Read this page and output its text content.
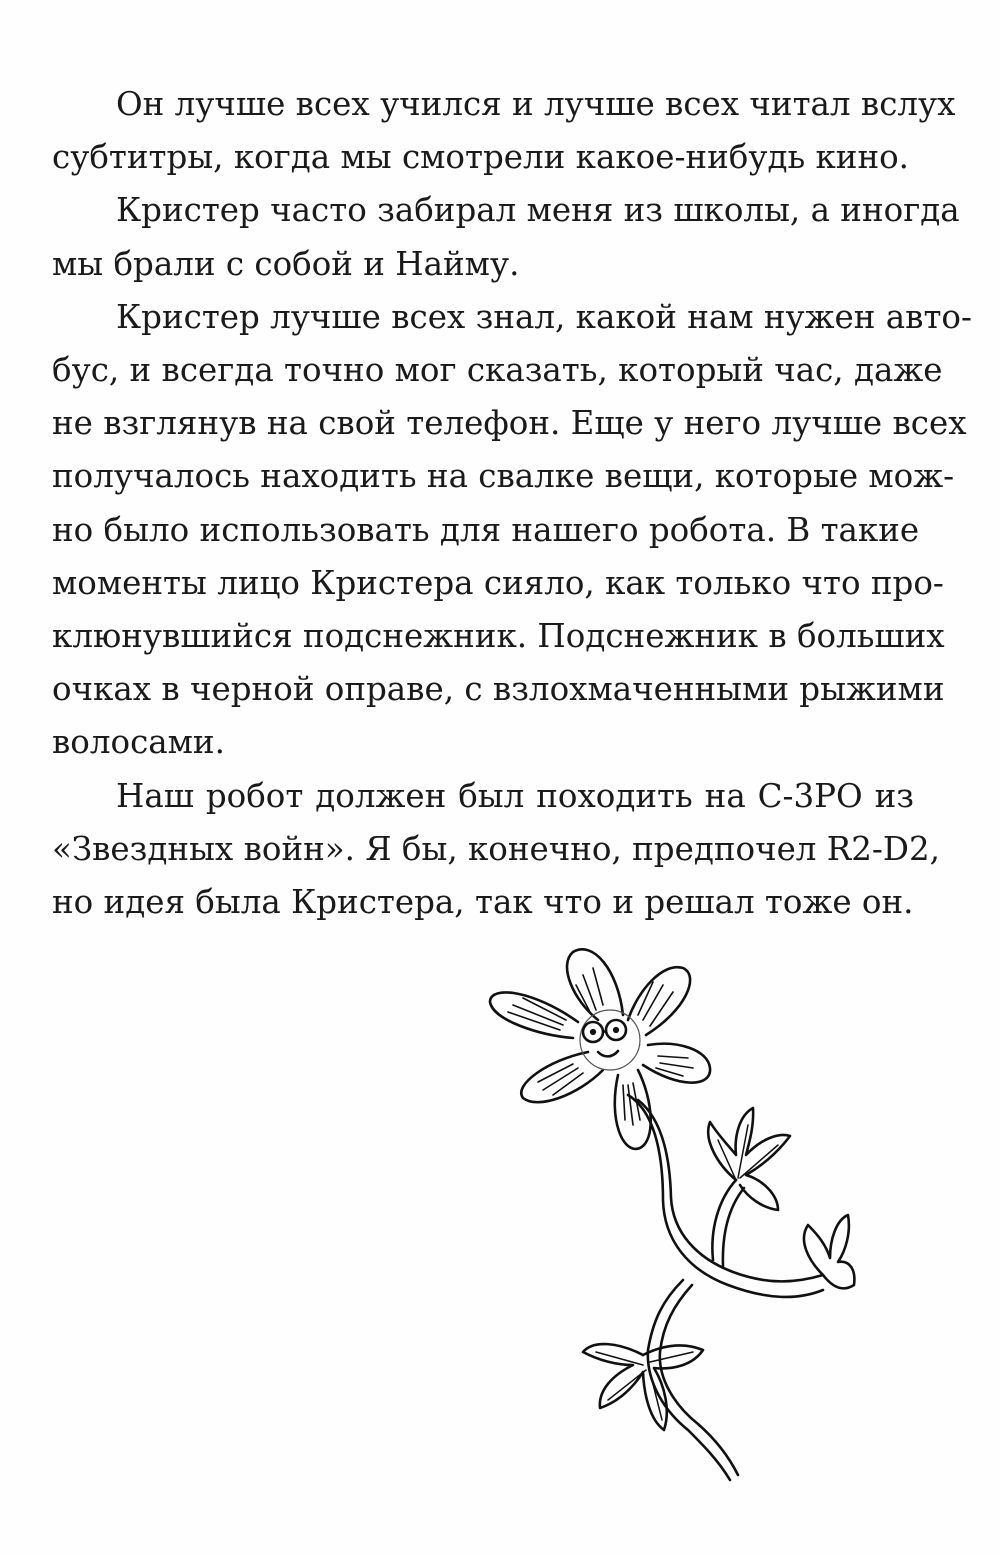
Он лучше всех учился и лучше всех читал вслух
субтитры, когда мы смотрели какое-нибудь кино.
Кристер часто забирал меня из школы, а иногда
мы брали с собой и Найму.
Кристер лучше всех знал, какой нам нужен авто-
бус, и всегда точно мог сказать, который час, даже
не взглянув на свой телефон. Еще у него лучше всех
получалось находить на свалке вещи, которые мож-
но было использовать для нашего робота. В такие
моменты лицо Кристера сияло, как только что про-
клюнувшийся подснежник. Подснежник в больших
очках в черной оправе, с взлохмаченными рыжими
волосами.
Наш робот должен был походить на С-3РО из
«Звездных войн». Я бы, конечно, предпочел R2-D2,
но идея была Кристера, так что и решал тоже он.
